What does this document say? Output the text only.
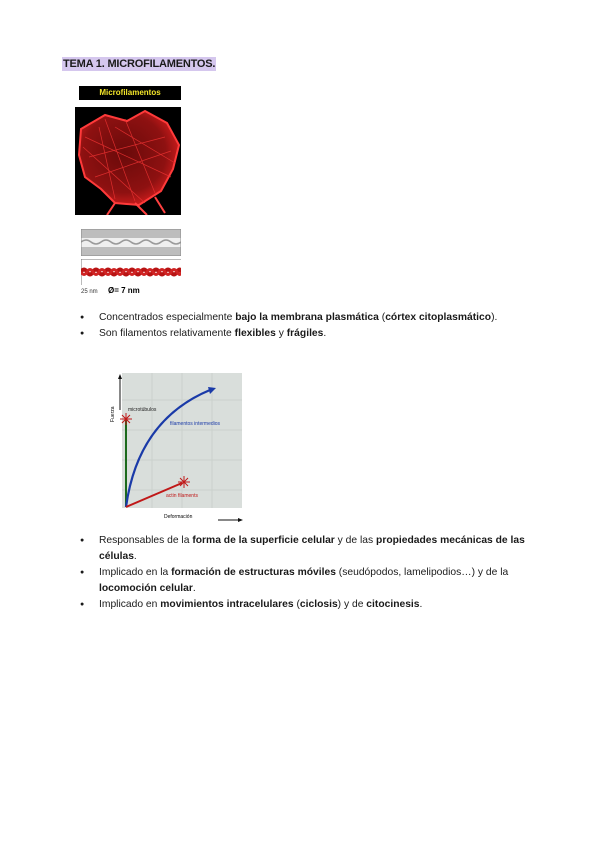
TEMA 1. MICROFILAMENTOS.
Microfilamentos
25 nm Ø= 7 nm
● Concentrados especialmente bajo la membrana plasmática (córtex citoplasmático).
● Son filamentos relativamente flexibles y frágiles.
Fuerza
Deformación
microtúbulos
filamentos intermedios
actin filaments
● Responsables de la forma de la superficie celular y de las propiedades mecánicas de las células.
● Implicado en la formación de estructuras móviles (seudópodos, lamelipodios…) y de la locomoción celular.
● Implicado en movimientos intracelulares (ciclosis) y de citocinesis.
